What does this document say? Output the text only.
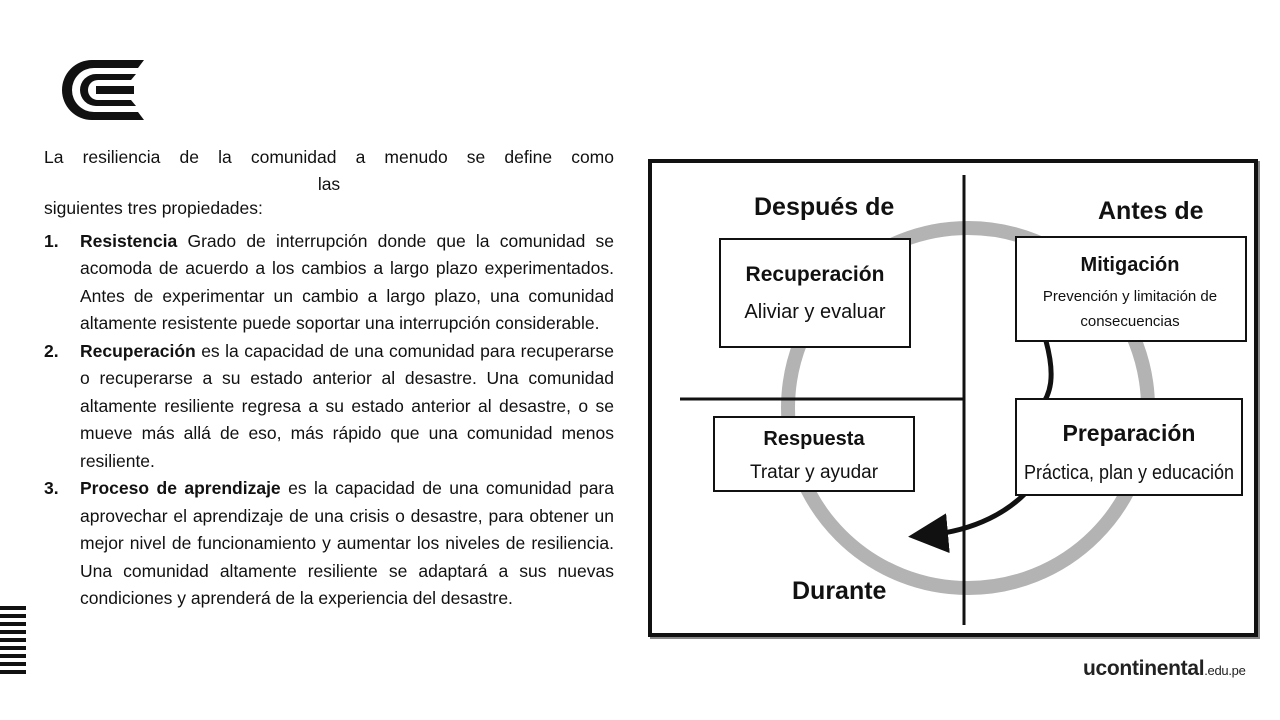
La resiliencia de la comunidad a menudo se define como
las
siguientes tres propiedades:

1. Resistencia Grado de interrupción donde que la comunidad se acomoda de acuerdo a los cambios a largo plazo experimentados. Antes de experimentar un cambio a largo plazo, una comunidad altamente resistente puede soportar una interrupción considerable.
2. Recuperación es la capacidad de una comunidad para recuperarse o recuperarse a su estado anterior al desastre. Una comunidad altamente resiliente regresa a su estado anterior al desastre, o se mueve más allá de eso, más rápido que una comunidad menos resiliente.
3. Proceso de aprendizaje es la capacidad de una comunidad para aprovechar el aprendizaje de una crisis o desastre, para obtener un mejor nivel de funcionamiento y aumentar los niveles de resiliencia. Una comunidad altamente resiliente se adaptará a sus nuevas condiciones y aprenderá de la experiencia del desastre.
Después de	Antes de
Durante
Recuperación
Aliviar y evaluar
Mitigación
Prevención y limitación de
consecuencias
Respuesta
Tratar y ayudar
Preparación
Práctica, plan y educación
ucontinental.edu.pe
